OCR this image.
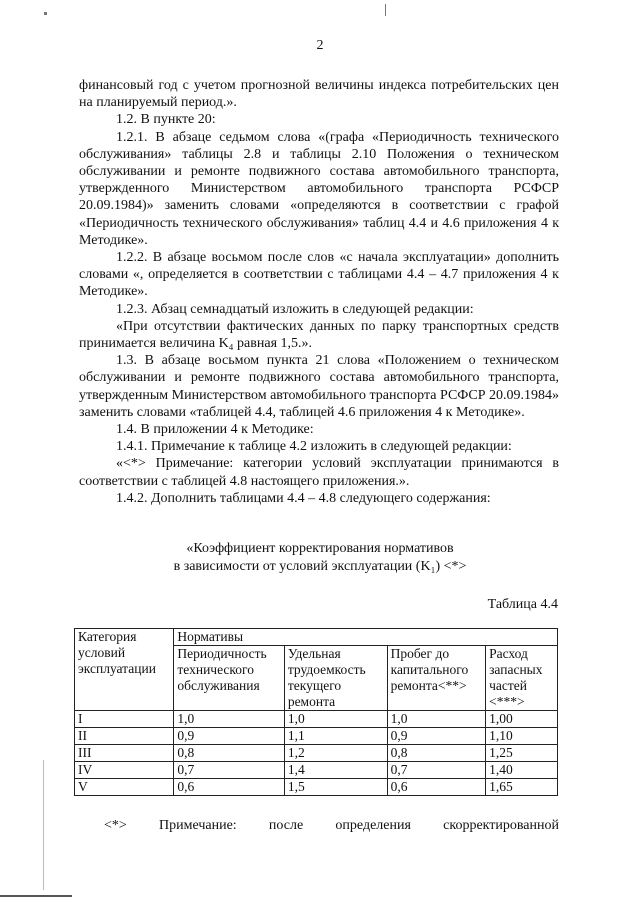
2

финансовый год с учетом прогнозной величины индекса потребительских цен на планируемый период.».

1.2. В пункте 20:

1.2.1. В абзаце седьмом слова «(графа «Периодичность технического обслуживания» таблицы 2.8 и таблицы 2.10 Положения о техническом обслуживании и ремонте подвижного состава автомобильного транспорта, утвержденного Министерством автомобильного транспорта РСФСР 20.09.1984)» заменить словами «определяются в соответствии с графой «Периодичность технического обслуживания» таблиц 4.4 и 4.6 приложения 4 к Методике».

1.2.2. В абзаце восьмом после слов «с начала эксплуатации» дополнить словами «, определяется в соответствии с таблицами 4.4 – 4.7 приложения 4 к Методике».

1.2.3. Абзац семнадцатый изложить в следующей редакции:

«При отсутствии фактических данных по парку транспортных средств принимается величина K₄ равная 1,5.».

1.3. В абзаце восьмом пункта 21 слова «Положением о техническом обслуживании и ремонте подвижного состава автомобильного транспорта, утвержденным Министерством автомобильного транспорта РСФСР 20.09.1984» заменить словами «таблицей 4.4, таблицей 4.6 приложения 4 к Методике».

1.4. В приложении 4 к Методике:

1.4.1. Примечание к таблице 4.2 изложить в следующей редакции:

«<*> Примечание: категории условий эксплуатации принимаются в соответствии с таблицей 4.8 настоящего приложения.».

1.4.2. Дополнить таблицами 4.4 – 4.8 следующего содержания:

«Коэффициент корректирования нормативов
в зависимости от условий эксплуатации (K₁) <*>
Таблица 4.4
Категория условий эксплуатации	Нормативы			
	Периодичность технического обслуживания	Удельная трудоемкость текущего ремонта	Пробег до капитального ремонта<**>	Расход запасных частей <***>
I	1,0	1,0	1,0	1,00
II	0,9	1,1	0,9	1,10
III	0,8	1,2	0,8	1,25
IV	0,7	1,4	0,7	1,40
V	0,6	1,5	0,6	1,65
<*> Примечание: после определения скорректированной
